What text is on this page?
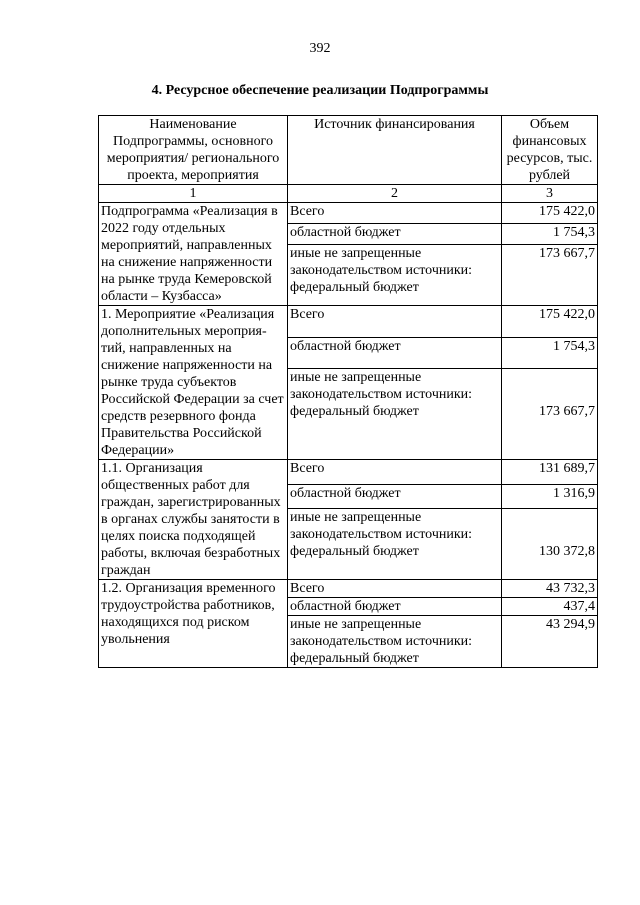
392
4. Ресурсное обеспечение реализации Подпрограммы
Наименование Подпрограммы, основного мероприятия/ регионального проекта, мероприятия	Источник финансирования	Объем финансовых ресурсов, тыс. рублей
1	2	3
Подпрограмма «Реализация в 2022 году отдельных мероприятий, направленных на снижение напряженности на рынке труда Кемеровской области – Кузбасса»	Всего	175 422,0
	областной бюджет	1 754,3
	иные не запрещенные законодательством источники: федеральный бюджет	173 667,7
1. Мероприятие «Реализация дополнительных мероприя-тий, направленных на снижение напряженности на рынке труда субъектов Российской Федерации за счет средств резервного фонда Правительства Российской Федерации»	Всего	175 422,0
	областной бюджет	1 754,3
	иные не запрещенные законодательством источники: федеральный бюджет	173 667,7
1.1. Организация общественных работ для граждан, зарегистрированных в органах службы занятости в целях поиска подходящей работы, включая безработных граждан	Всего	131 689,7
	областной бюджет	1 316,9
	иные не запрещенные законодательством источники: федеральный бюджет	130 372,8
1.2. Организация временного трудоустройства работников, находящихся под риском увольнения	Всего	43 732,3
	областной бюджет	437,4
	иные не запрещенные законодательством источники: федеральный бюджет	43 294,9
